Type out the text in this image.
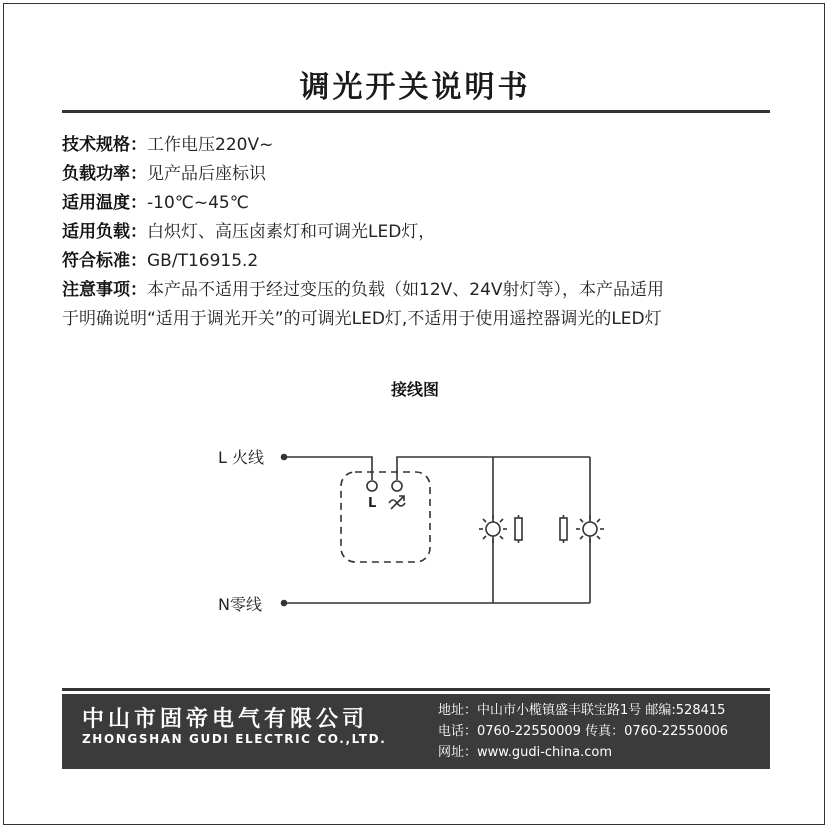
调光开关说明书
技术规格：工作电压220V~
负载功率：见产品后座标识
适用温度：-10℃~45℃
适用负载：白炽灯、高压卤素灯和可调光LED灯，
符合标准：GB/T16915.2
注意事项：本产品不适用于经过变压的负载（如12V、24V射灯等），本产品适用
于明确说明“适用于调光开关”的可调光LED灯,不适用于使用遥控器调光的LED灯
接线图
L 火线
N零线
L
中山市固帝电气有限公司
ZHONGSHAN GUDI ELECTRIC CO.,LTD.
地址：中山市小榄镇盛丰联宝路1号 邮编:528415
电话：0760-22550009 传真：0760-22550006
网址：www.gudi-china.com
